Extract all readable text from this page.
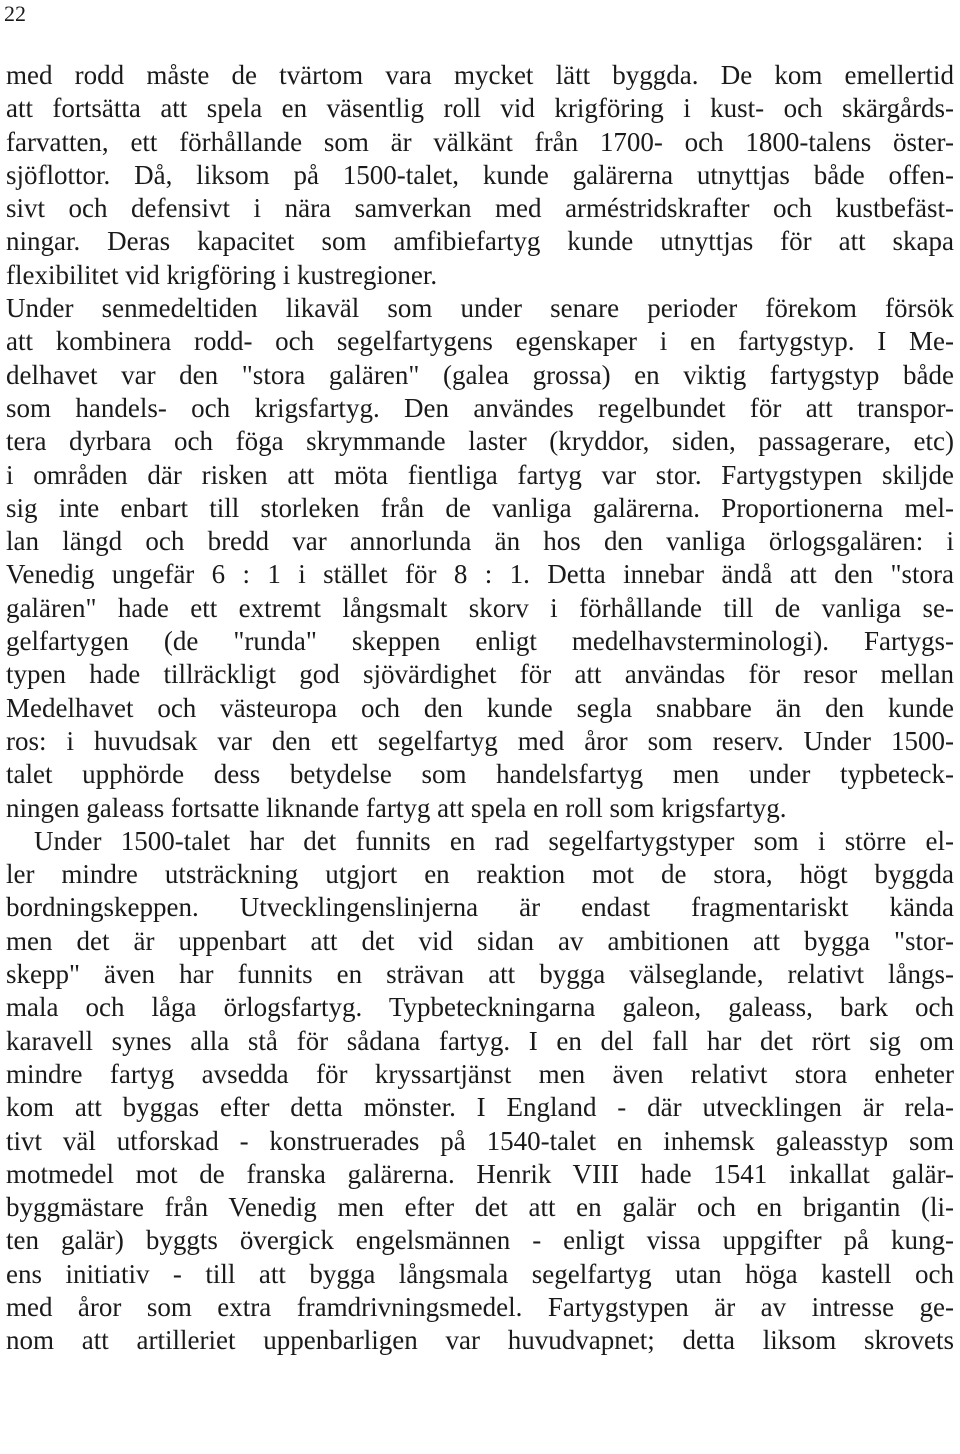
22
med rodd måste de tvärtom vara mycket lätt byggda. De kom emellertid
att fortsätta att spela en väsentlig roll vid krigföring i kust- och skärgårds-
farvatten, ett förhållande som är välkänt från 1700- och 1800-talens öster-
sjöflottor. Då, liksom på 1500-talet, kunde galärerna utnyttjas både offen-
sivt och defensivt i nära samverkan med arméstridskrafter och kustbefäst-
ningar. Deras kapacitet som amfibiefartyg kunde utnyttjas för att skapa
flexibilitet vid krigföring i kustregioner.
Under senmedeltiden likaväl som under senare perioder förekom försök
att kombinera rodd- och segelfartygens egenskaper i en fartygstyp. I Me-
delhavet var den "stora galären" (galea grossa) en viktig fartygstyp både
som handels- och krigsfartyg. Den användes regelbundet för att transpor-
tera dyrbara och föga skrymmande laster (kryddor, siden, passagerare, etc)
i områden där risken att möta fientliga fartyg var stor. Fartygstypen skiljde
sig inte enbart till storleken från de vanliga galärerna. Proportionerna mel-
lan längd och bredd var annorlunda än hos den vanliga örlogsgalären: i
Venedig ungefär 6 : 1 i stället för 8 : 1. Detta innebar ändå att den "stora
galären" hade ett extremt långsmalt skorv i förhållande till de vanliga se-
gelfartygen (de "runda" skeppen enligt medelhavsterminologi). Fartygs-
typen hade tillräckligt god sjövärdighet för att användas för resor mellan
Medelhavet och västeuropa och den kunde segla snabbare än den kunde
ros: i huvudsak var den ett segelfartyg med åror som reserv. Under 1500-
talet upphörde dess betydelse som handelsfartyg men under typbeteck-
ningen galeass fortsatte liknande fartyg att spela en roll som krigsfartyg.
Under 1500-talet har det funnits en rad segelfartygstyper som i större el-
ler mindre utsträckning utgjort en reaktion mot de stora, högt byggda
bordningskeppen. Utvecklingenslinjerna är endast fragmentariskt kända
men det är uppenbart att det vid sidan av ambitionen att bygga "stor-
skepp" även har funnits en strävan att bygga välseglande, relativt långs-
mala och låga örlogsfartyg. Typbeteckningarna galeon, galeass, bark och
karavell synes alla stå för sådana fartyg. I en del fall har det rört sig om
mindre fartyg avsedda för kryssartjänst men även relativt stora enheter
kom att byggas efter detta mönster. I England - där utvecklingen är rela-
tivt väl utforskad - konstruerades på 1540-talet en inhemsk galeasstyp som
motmedel mot de franska galärerna. Henrik VIII hade 1541 inkallat galär-
byggmästare från Venedig men efter det att en galär och en brigantin (li-
ten galär) byggts övergick engelsmännen - enligt vissa uppgifter på kung-
ens initiativ - till att bygga långsmala segelfartyg utan höga kastell och
med åror som extra framdrivningsmedel. Fartygstypen är av intresse ge-
nom att artilleriet uppenbarligen var huvudvapnet; detta liksom skrovets
